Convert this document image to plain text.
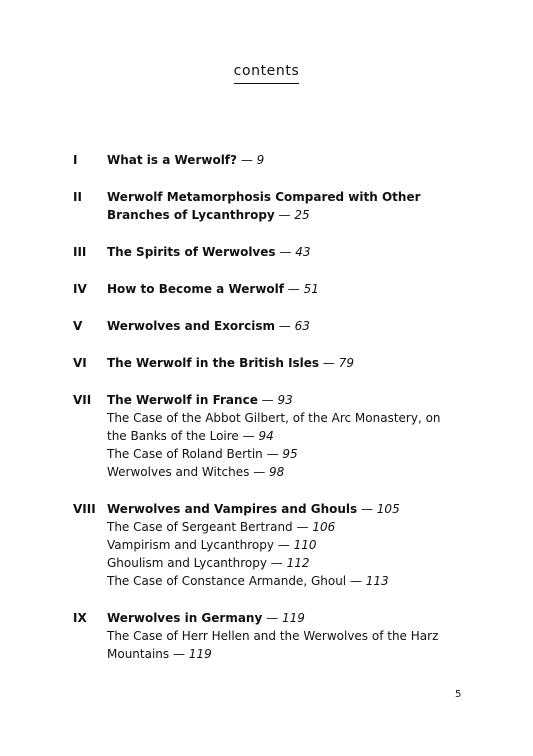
contents
I	What is a Werwolf? — 9
II	Werwolf Metamorphosis Compared with Other Branches of Lycanthropy — 25
III	The Spirits of Werwolves — 43
IV	How to Become a Werwolf — 51
V	Werwolves and Exorcism — 63
VI	The Werwolf in the British Isles — 79
VII	The Werwolf in France — 93
The Case of the Abbot Gilbert, of the Arc Monastery, on the Banks of the Loire — 94
The Case of Roland Bertin — 95
Werwolves and Witches — 98
VIII Werwolves and Vampires and Ghouls — 105
The Case of Sergeant Bertrand — 106
Vampirism and Lycanthropy — 110
Ghoulism and Lycanthropy — 112
The Case of Constance Armande, Ghoul — 113
IX	Werwolves in Germany — 119
The Case of Herr Hellen and the Werwolves of the Harz Mountains — 119
5
